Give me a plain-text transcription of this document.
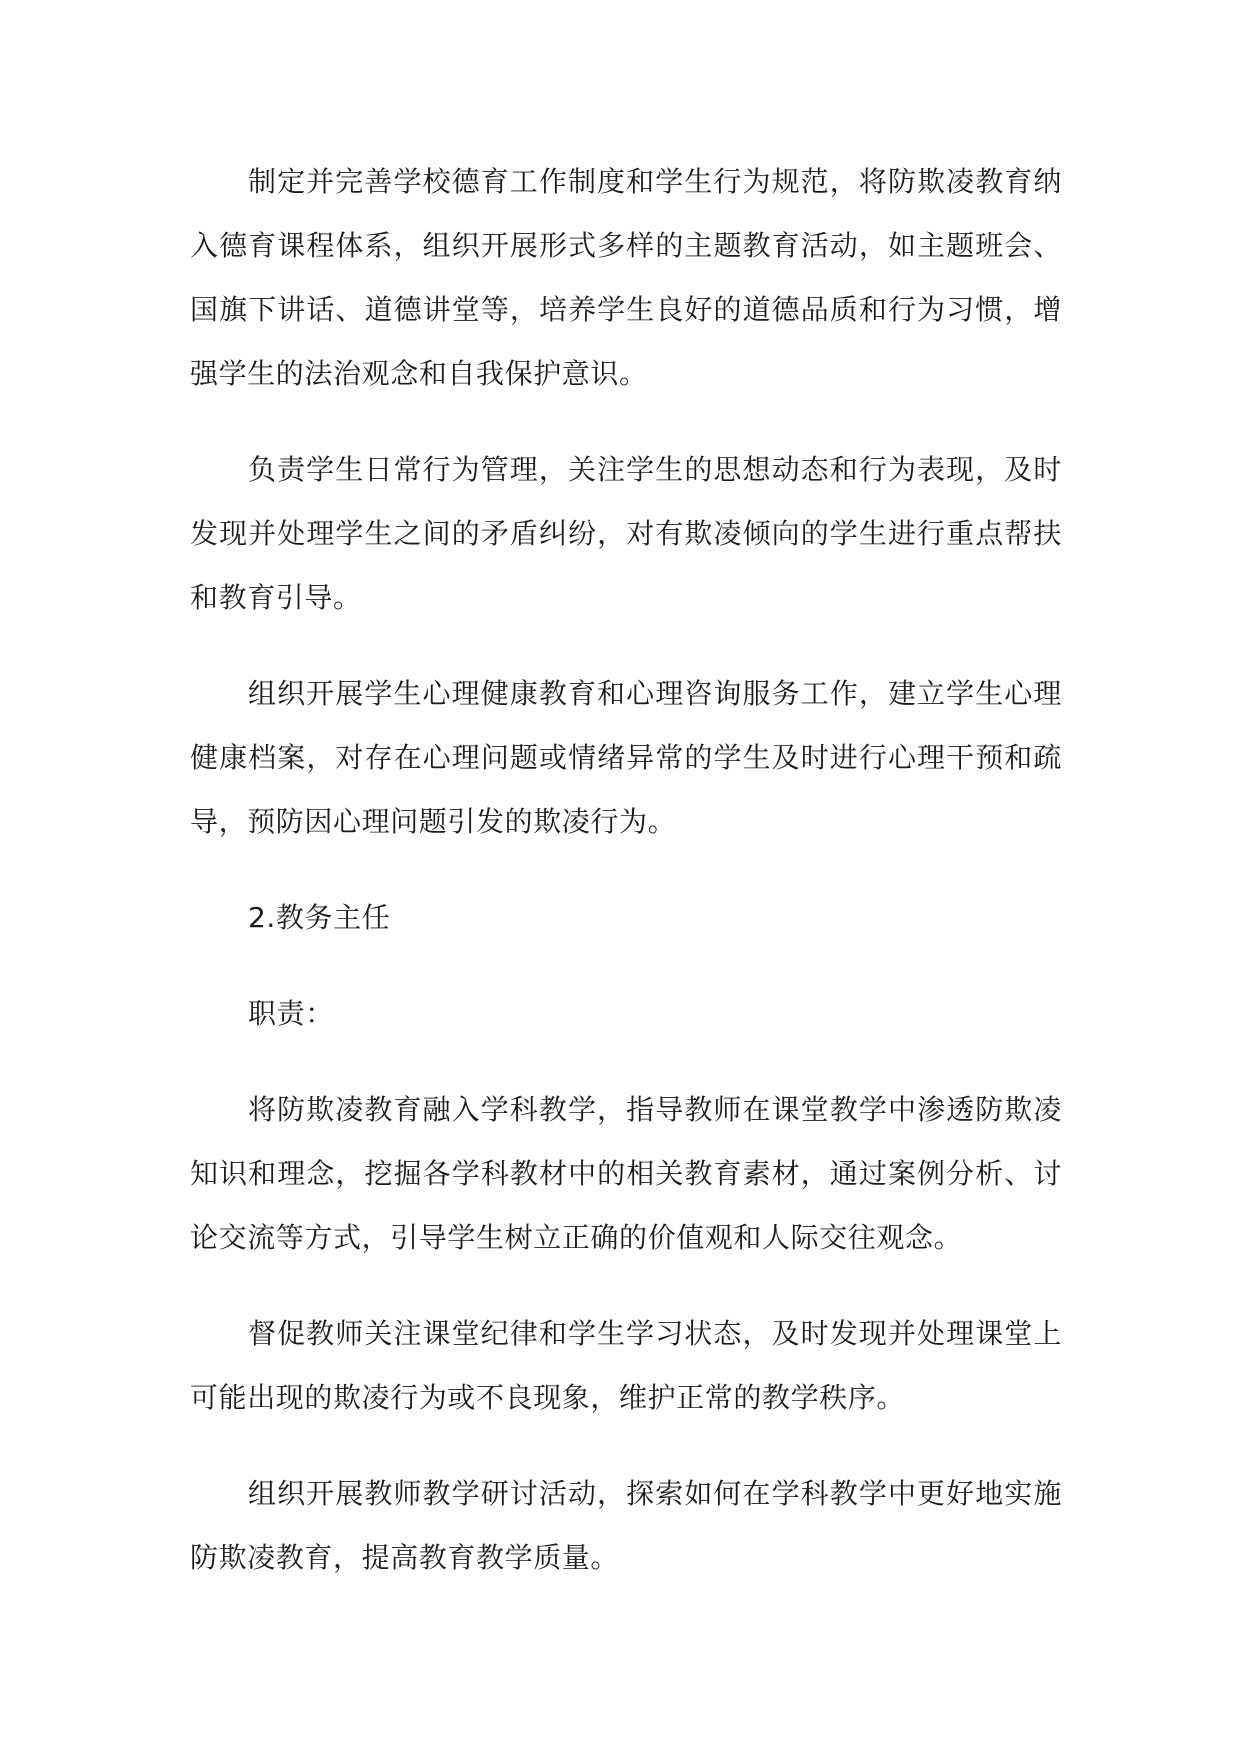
制定并完善学校德育工作制度和学生行为规范，将防欺凌教育纳入德育课程体系，组织开展形式多样的主题教育活动，如主题班会、国旗下讲话、道德讲堂等，培养学生良好的道德品质和行为习惯，增强学生的法治观念和自我保护意识。

负责学生日常行为管理，关注学生的思想动态和行为表现，及时发现并处理学生之间的矛盾纠纷，对有欺凌倾向的学生进行重点帮扶和教育引导。

组织开展学生心理健康教育和心理咨询服务工作，建立学生心理健康档案，对存在心理问题或情绪异常的学生及时进行心理干预和疏导，预防因心理问题引发的欺凌行为。

2.教务主任

职责：

将防欺凌教育融入学科教学，指导教师在课堂教学中渗透防欺凌知识和理念，挖掘各学科教材中的相关教育素材，通过案例分析、讨论交流等方式，引导学生树立正确的价值观和人际交往观念。

督促教师关注课堂纪律和学生学习状态，及时发现并处理课堂上可能出现的欺凌行为或不良现象，维护正常的教学秩序。

组织开展教师教学研讨活动，探索如何在学科教学中更好地实施防欺凌教育，提高教育教学质量。
